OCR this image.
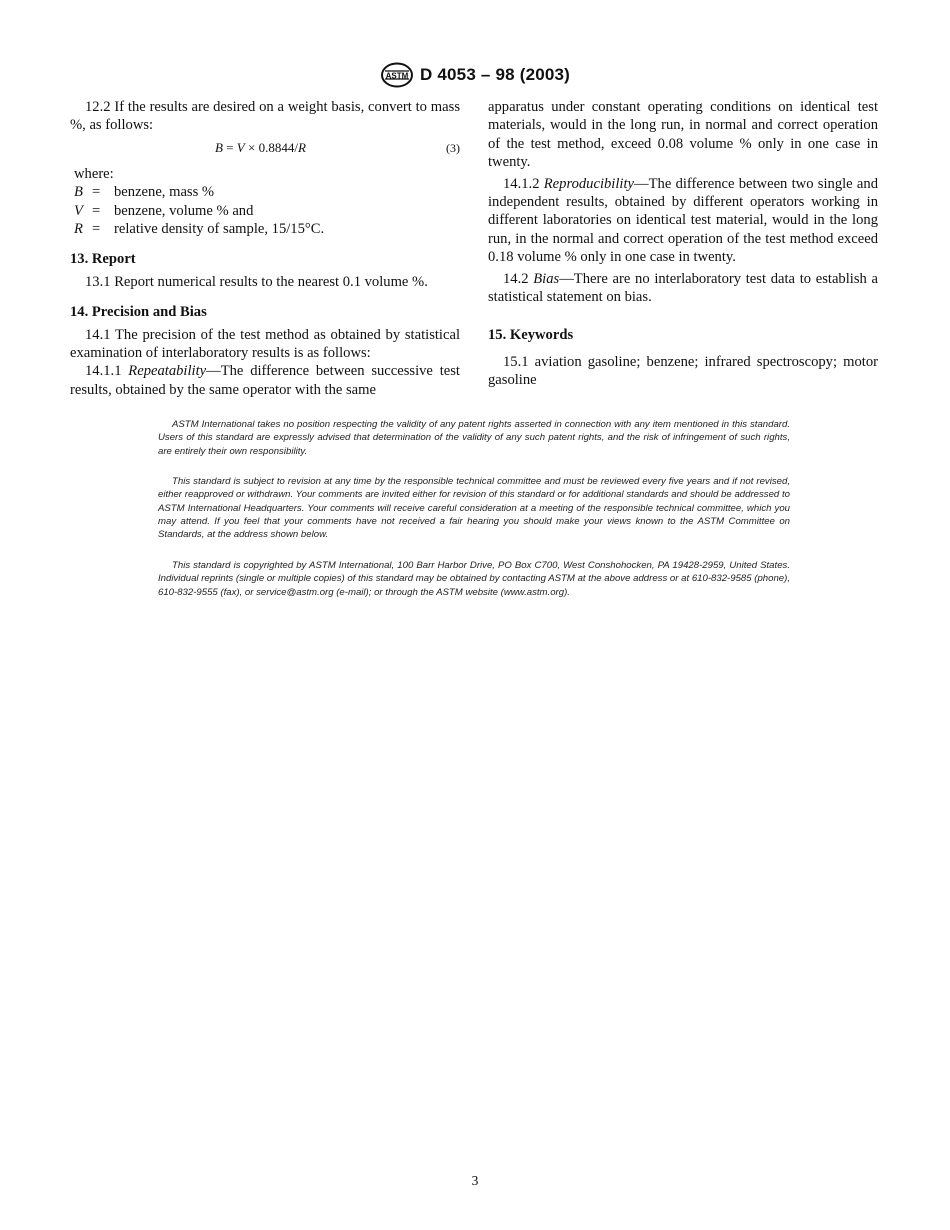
ASTM D 4053 – 98 (2003)

12.2 If the results are desired on a weight basis, convert to mass %, as follows:

B = V × 0.8844/R	(3)
where:
B = benzene, mass %
V = benzene, volume % and
R = relative density of sample, 15/15°C.
13. Report

13.1 Report numerical results to the nearest 0.1 volume %.

14. Precision and Bias

14.1 The precision of the test method as obtained by statistical examination of interlaboratory results is as follows:

14.1.1 Repeatability—The difference between successive test results, obtained by the same operator with the same

apparatus under constant operating conditions on identical test materials, would in the long run, in normal and correct operation of the test method, exceed 0.08 volume % only in one case in twenty.

14.1.2 Reproducibility—The difference between two single and independent results, obtained by different operators working in different laboratories on identical test material, would in the long run, in the normal and correct operation of the test method exceed 0.18 volume % only in one case in twenty.

14.2 Bias—There are no interlaboratory test data to establish a statistical statement on bias.

15. Keywords

15.1 aviation gasoline; benzene; infrared spectroscopy; motor gasoline

ASTM International takes no position respecting the validity of any patent rights asserted in connection with any item mentioned in this standard. Users of this standard are expressly advised that determination of the validity of any such patent rights, and the risk of infringement of such rights, are entirely their own responsibility.

This standard is subject to revision at any time by the responsible technical committee and must be reviewed every five years and if not revised, either reapproved or withdrawn. Your comments are invited either for revision of this standard or for additional standards and should be addressed to ASTM International Headquarters. Your comments will receive careful consideration at a meeting of the responsible technical committee, which you may attend. If you feel that your comments have not received a fair hearing you should make your views known to the ASTM Committee on Standards, at the address shown below.

This standard is copyrighted by ASTM International, 100 Barr Harbor Drive, PO Box C700, West Conshohocken, PA 19428-2959, United States. Individual reprints (single or multiple copies) of this standard may be obtained by contacting ASTM at the above address or at 610-832-9585 (phone), 610-832-9555 (fax), or service@astm.org (e-mail); or through the ASTM website (www.astm.org).

3
